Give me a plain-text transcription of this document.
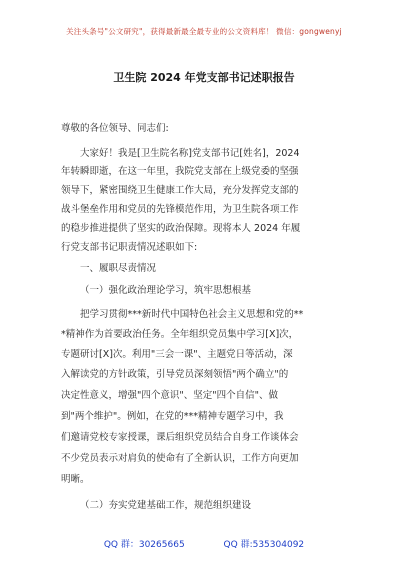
关注头条号"公文研究"，获得最新最全最专业的公文资料库！ 微信：gongwenyj
卫生院 2024 年党支部书记述职报告
尊敬的各位领导、同志们:
大家好！我是[卫生院名称]党支部书记[姓名]，2024
年转瞬即逝，在这一年里，我院党支部在上级党委的坚强
领导下，紧密围绕卫生健康工作大局，充分发挥党支部的
战斗堡垒作用和党员的先锋模范作用，为卫生院各项工作
的稳步推进提供了坚实的政治保障。现将本人 2024 年履
行党支部书记职责情况述职如下:
一、履职尽责情况
（一）强化政治理论学习，筑牢思想根基
把学习贯彻***新时代中国特色社会主义思想和党的**
*精神作为首要政治任务。全年组织党员集中学习[X]次，
专题研讨[X]次。利用"三会一课"、主题党日等活动，深
入解读党的方针政策，引导党员深刻领悟"两个确立"的
决定性意义，增强"四个意识"、坚定"四个自信"、做
到"两个维护"。例如，在党的***精神专题学习中，我
们邀请党校专家授课，课后组织党员结合自身工作谈体会
不少党员表示对肩负的使命有了全新认识，工作方向更加
明晰。
（二）夯实党建基础工作，规范组织建设
QQ 群：30265665	QQ 群:535304092
